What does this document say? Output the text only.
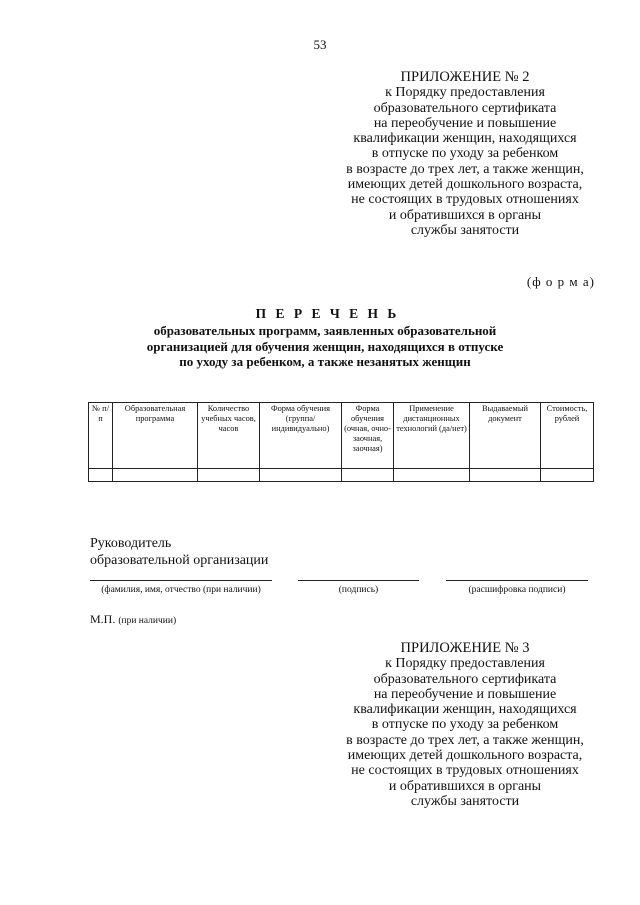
53
ПРИЛОЖЕНИЕ № 2
к Порядку предоставления
образовательного сертификата
на переобучение и повышение
квалификации женщин, находящихся
в отпуске по уходу за ребенком
в возрасте до трех лет, а также женщин,
имеющих детей дошкольного возраста,
не состоящих в трудовых отношениях
и обратившихся в органы
службы занятости
(ф о р м а)
П Е Р Е Ч Е Н Ь
образовательных программ, заявленных образовательной
организацией для обучения женщин, находящихся в отпуске
по уходу за ребенком, а также незанятых женщин
№ п/п	Образовательная программа	Количество учебных часов, часов	Форма обучения (группа/ индивидуально)	Форма обучения (очная, очно-заочная, заочная)	Применение дистанционных технологий (да/нет)	Выдаваемый документ	Стоимость, рублей

Руководитель
образовательной организации
(фамилия, имя, отчество (при наличии)	(подпись)	(расшифровка подписи)
М.П. (при наличии)
ПРИЛОЖЕНИЕ № 3
к Порядку предоставления
образовательного сертификата
на переобучение и повышение
квалификации женщин, находящихся
в отпуске по уходу за ребенком
в возрасте до трех лет, а также женщин,
имеющих детей дошкольного возраста,
не состоящих в трудовых отношениях
и обратившихся в органы
службы занятости
